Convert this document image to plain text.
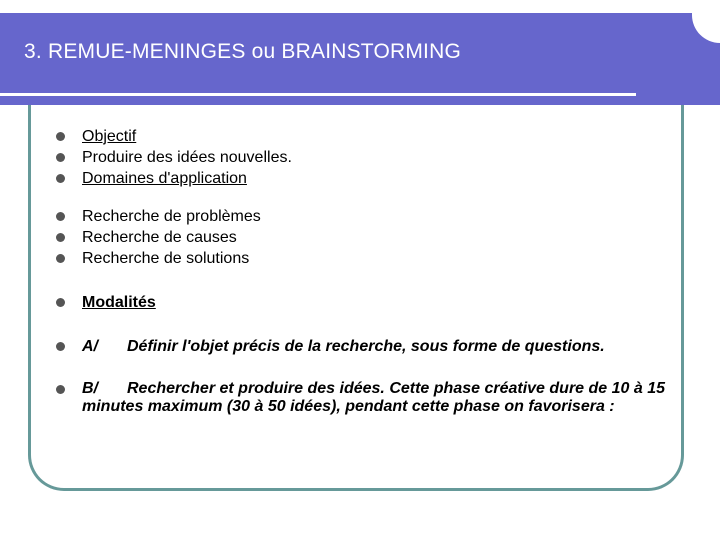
3. REMUE-MENINGES ou BRAINSTORMING
Objectif
Produire des idées nouvelles.
Domaines d'application
Recherche de problèmes
Recherche de causes
Recherche de solutions
Modalités
A/ Définir l'objet précis de la recherche, sous forme de questions.
B/ Rechercher et produire des idées. Cette phase créative dure de 10 à 15 minutes maximum (30 à 50 idées), pendant cette phase on favorisera :
